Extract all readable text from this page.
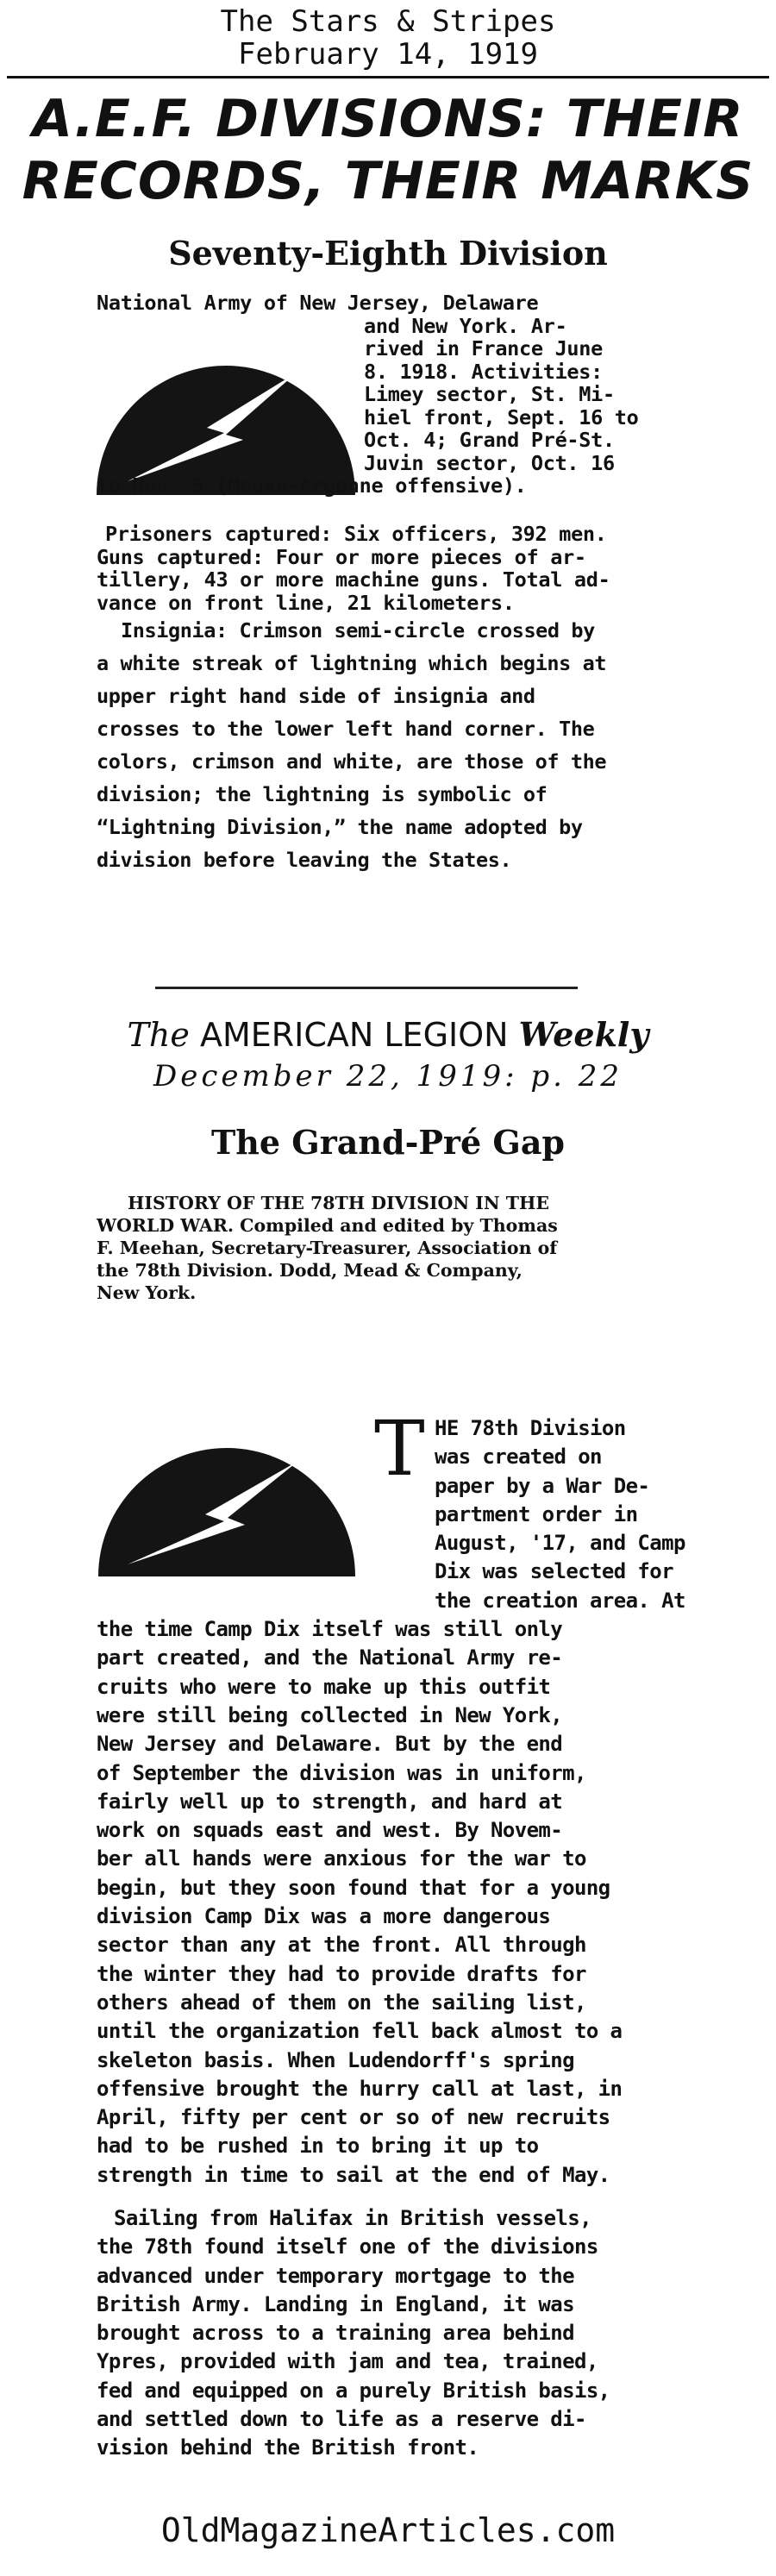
The Stars & Stripes
February 14, 1919
A.E.F. DIVISIONS: THEIR
RECORDS, THEIR MARKS
Seventy-Eighth Division
National Army of New Jersey, Delaware
and New York. Ar-
rived in France June
8. 1918. Activities:
Limey sector, St. Mi-
hiel front, Sept. 16 to
Oct. 4; Grand Pré-St.
Juvin sector, Oct. 16
to Nov. 5 (Meuse-Argonne offensive).
Prisoners captured: Six officers, 392 men.
Guns captured: Four or more pieces of ar-
tillery, 43 or more machine guns. Total ad-
vance on front line, 21 kilometers.
Insignia: Crimson semi-circle crossed by
a white streak of lightning which begins at
upper right hand side of insignia and
crosses to the lower left hand corner. The
colors, crimson and white, are those of the
division; the lightning is symbolic of
“Lightning Division,” the name adopted by
division before leaving the States.
The AMERICAN LEGION Weekly
December 22, 1919: p. 22
The Grand-Pré Gap
HISTORY OF THE 78TH DIVISION IN THE
WORLD WAR. Compiled and edited by Thomas
F. Meehan, Secretary-Treasurer, Association of
the 78th Division. Dodd, Mead & Company,
New York.
T HE 78th Division
was created on
paper by a War De-
partment order in
August, '17, and Camp
Dix was selected for
the creation area. At
the time Camp Dix itself was still only
part created, and the National Army re-
cruits who were to make up this outfit
were still being collected in New York,
New Jersey and Delaware. But by the end
of September the division was in uniform,
fairly well up to strength, and hard at
work on squads east and west. By Novem-
ber all hands were anxious for the war to
begin, but they soon found that for a young
division Camp Dix was a more dangerous
sector than any at the front. All through
the winter they had to provide drafts for
others ahead of them on the sailing list,
until the organization fell back almost to a
skeleton basis. When Ludendorff's spring
offensive brought the hurry call at last, in
April, fifty per cent or so of new recruits
had to be rushed in to bring it up to
strength in time to sail at the end of May.
Sailing from Halifax in British vessels,
the 78th found itself one of the divisions
advanced under temporary mortgage to the
British Army. Landing in England, it was
brought across to a training area behind
Ypres, provided with jam and tea, trained,
fed and equipped on a purely British basis,
and settled down to life as a reserve di-
vision behind the British front.
OldMagazineArticles.com
